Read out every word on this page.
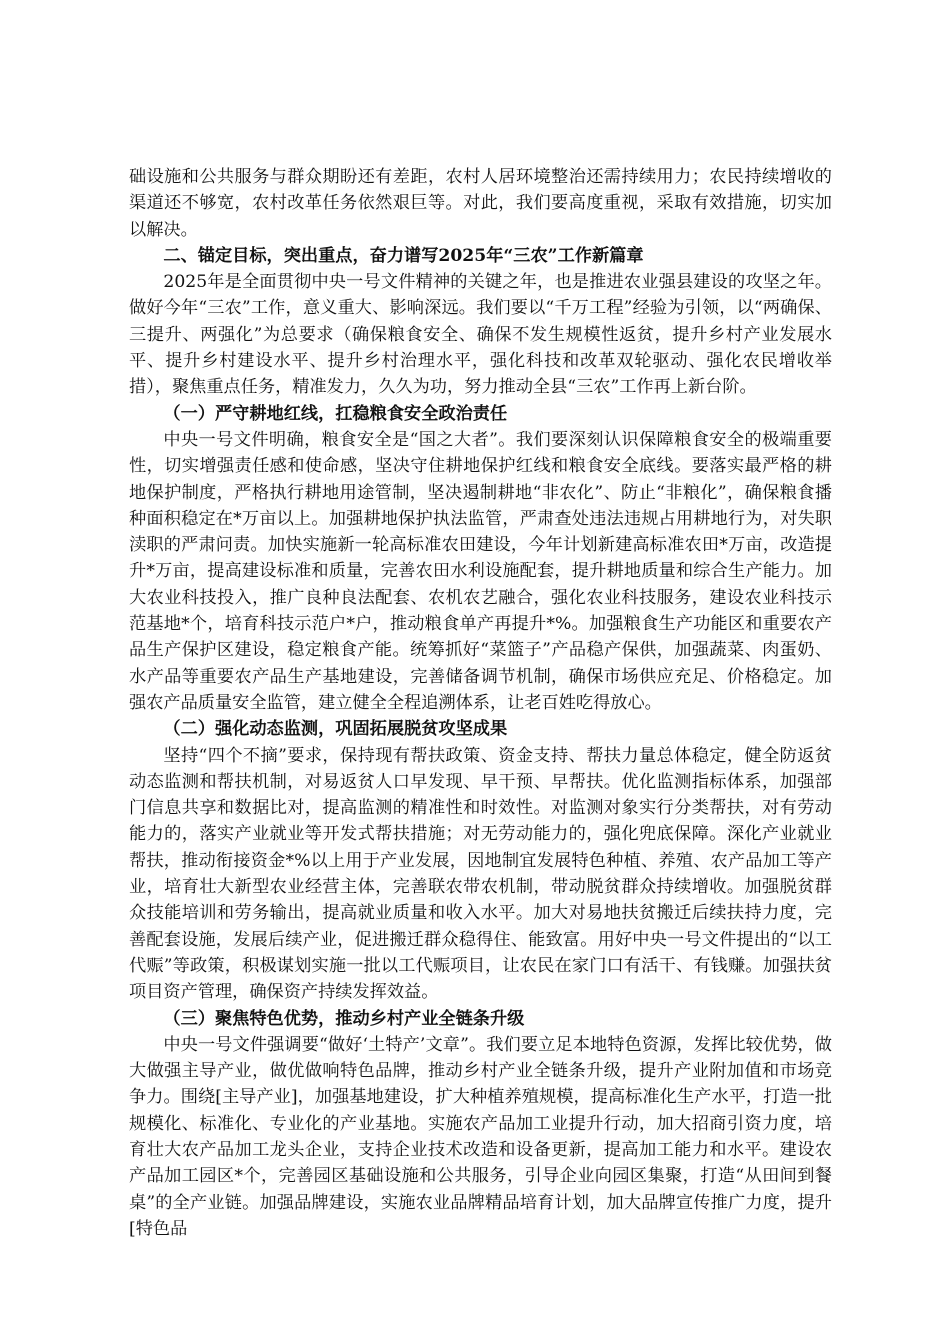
础设施和公共服务与群众期盼还有差距，农村人居环境整治还需持续用力；农民持续增收的渠道还不够宽，农村改革任务依然艰巨等。对此，我们要高度重视，采取有效措施，切实加以解决。

二、锚定目标，突出重点，奋力谱写2025年“三农”工作新篇章

2025年是全面贯彻中央一号文件精神的关键之年，也是推进农业强县建设的攻坚之年。做好今年“三农”工作，意义重大、影响深远。我们要以“千万工程”经验为引领，以“两确保、三提升、两强化”为总要求（确保粮食安全、确保不发生规模性返贫，提升乡村产业发展水平、提升乡村建设水平、提升乡村治理水平，强化科技和改革双轮驱动、强化农民增收举措），聚焦重点任务，精准发力，久久为功，努力推动全县“三农”工作再上新台阶。

（一）严守耕地红线，扛稳粮食安全政治责任

中央一号文件明确，粮食安全是“国之大者”。我们要深刻认识保障粮食安全的极端重要性，切实增强责任感和使命感，坚决守住耕地保护红线和粮食安全底线。要落实最严格的耕地保护制度，严格执行耕地用途管制，坚决遏制耕地“非农化”、防止“非粮化”，确保粮食播种面积稳定在*万亩以上。加强耕地保护执法监管，严肃查处违法违规占用耕地行为，对失职渎职的严肃问责。加快实施新一轮高标准农田建设，今年计划新建高标准农田*万亩，改造提升*万亩，提高建设标准和质量，完善农田水利设施配套，提升耕地质量和综合生产能力。加大农业科技投入，推广良种良法配套、农机农艺融合，强化农业科技服务，建设农业科技示范基地*个，培育科技示范户*户，推动粮食单产再提升*%。加强粮食生产功能区和重要农产品生产保护区建设，稳定粮食产能。统筹抓好“菜篮子”产品稳产保供，加强蔬菜、肉蛋奶、水产品等重要农产品生产基地建设，完善储备调节机制，确保市场供应充足、价格稳定。加强农产品质量安全监管，建立健全全程追溯体系，让老百姓吃得放心。

（二）强化动态监测，巩固拓展脱贫攻坚成果

坚持“四个不摘”要求，保持现有帮扶政策、资金支持、帮扶力量总体稳定，健全防返贫动态监测和帮扶机制，对易返贫人口早发现、早干预、早帮扶。优化监测指标体系，加强部门信息共享和数据比对，提高监测的精准性和时效性。对监测对象实行分类帮扶，对有劳动能力的，落实产业就业等开发式帮扶措施；对无劳动能力的，强化兜底保障。深化产业就业帮扶，推动衔接资金*%以上用于产业发展，因地制宜发展特色种植、养殖、农产品加工等产业，培育壮大新型农业经营主体，完善联农带农机制，带动脱贫群众持续增收。加强脱贫群众技能培训和劳务输出，提高就业质量和收入水平。加大对易地扶贫搬迁后续扶持力度，完善配套设施，发展后续产业，促进搬迁群众稳得住、能致富。用好中央一号文件提出的“以工代赈”等政策，积极谋划实施一批以工代赈项目，让农民在家门口有活干、有钱赚。加强扶贫项目资产管理，确保资产持续发挥效益。

（三）聚焦特色优势，推动乡村产业全链条升级

中央一号文件强调要“做好‘土特产’文章”。我们要立足本地特色资源，发挥比较优势，做大做强主导产业，做优做响特色品牌，推动乡村产业全链条升级，提升产业附加值和市场竞争力。围绕[主导产业]，加强基地建设，扩大种植养殖规模，提高标准化生产水平，打造一批规模化、标准化、专业化的产业基地。实施农产品加工业提升行动，加大招商引资力度，培育壮大农产品加工龙头企业，支持企业技术改造和设备更新，提高加工能力和水平。建设农产品加工园区*个，完善园区基础设施和公共服务，引导企业向园区集聚，打造“从田间到餐桌”的全产业链。加强品牌建设，实施农业品牌精品培育计划，加大品牌宣传推广力度，提升[特色品
